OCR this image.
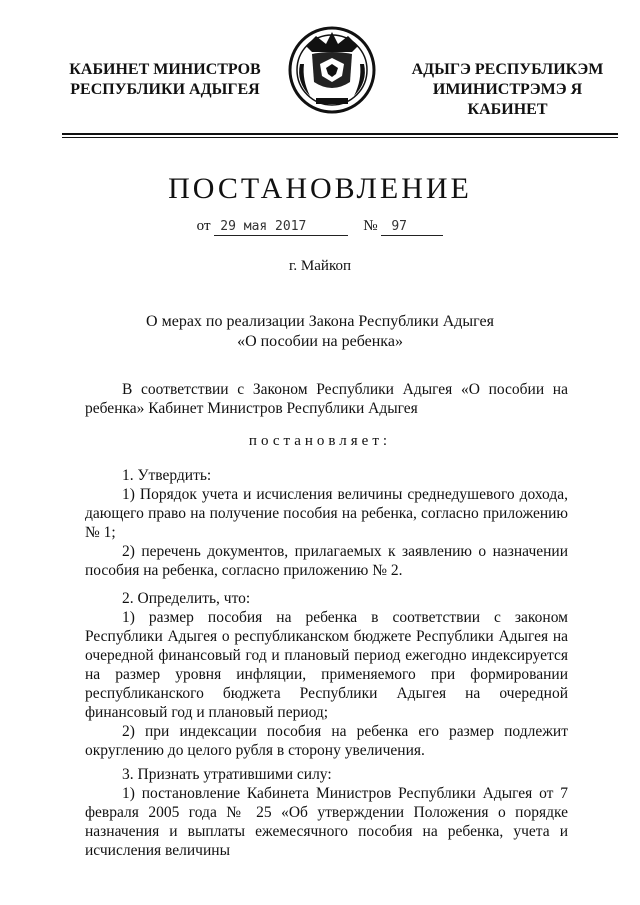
КАБИНЕТ МИНИСТРОВ
РЕСПУБЛИКИ АДЫГЕЯ
АДЫГЭ РЕСПУБЛИКЭМ
ИМИНИСТРЭМЭ Я КАБИНЕТ
ПОСТАНОВЛЕНИЕ
от 29 мая 2017	№ 97
г. Майкоп
О мерах по реализации Закона Республики Адыгея
«О пособии на ребенка»

В соответствии с Законом Республики Адыгея «О пособии на ребенка» Кабинет Министров Республики Адыгея

постановляет:

1. Утвердить:

1) Порядок учета и исчисления величины среднедушевого дохода, дающего право на получение пособия на ребенка, согласно приложению № 1;

2) перечень документов, прилагаемых к заявлению о назначении пособия на ребенка, согласно приложению № 2.

2. Определить, что:

1) размер пособия на ребенка в соответствии с законом Республики Адыгея о республиканском бюджете Республики Адыгея на очередной финансовый год и плановый период ежегодно индексируется на размер уровня инфляции, применяемого при формировании республиканского бюджета Республики Адыгея на очередной финансовый год и плановый период;

2) при индексации пособия на ребенка его размер подлежит округлению до целого рубля в сторону увеличения.

3. Признать утратившими силу:

1) постановление Кабинета Министров Республики Адыгея от 7 февраля 2005 года № 25 «Об утверждении Положения о порядке назначения и выплаты ежемесячного пособия на ребенка, учета и исчисления величины
